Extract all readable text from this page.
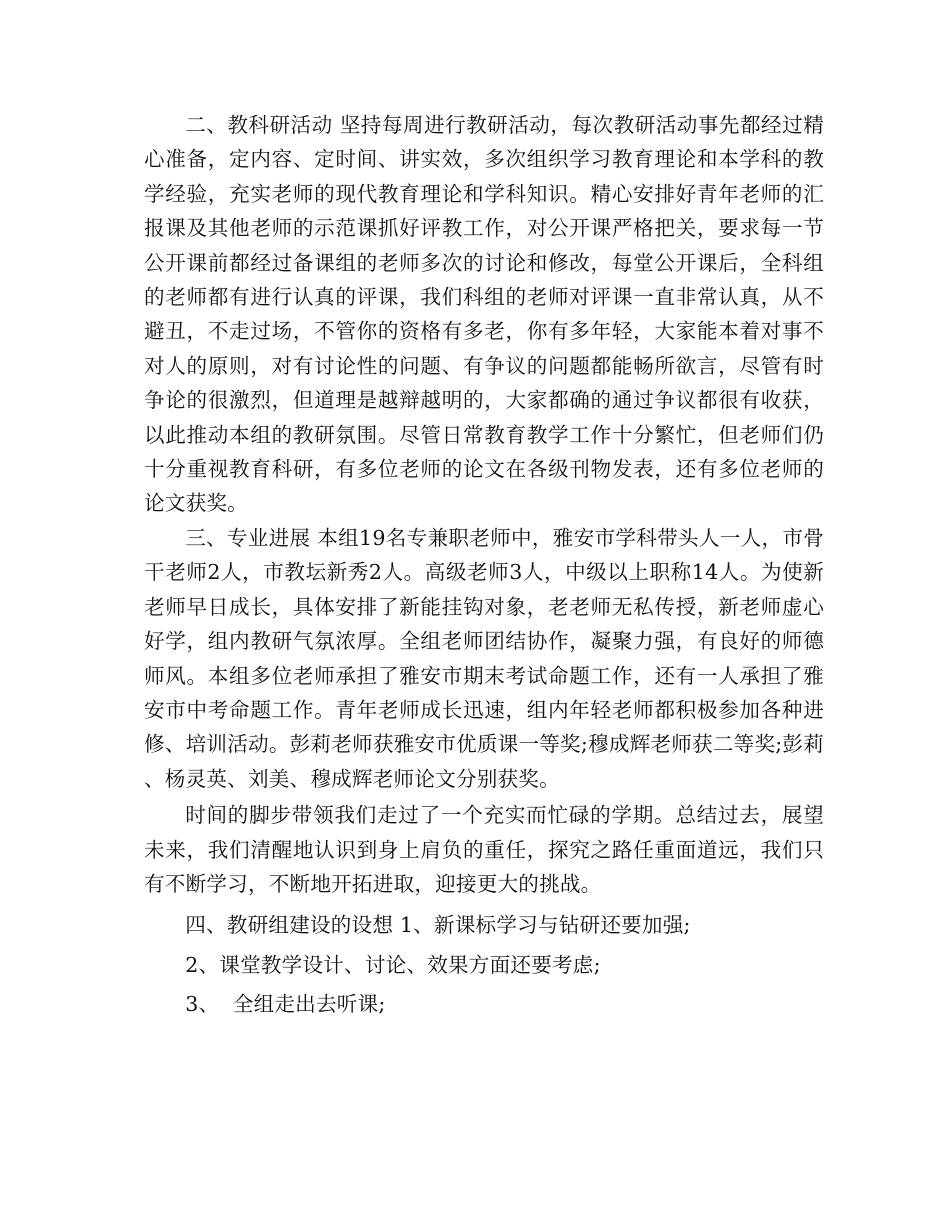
二、教科研活动 坚持每周进行教研活动，每次教研活动事先都经过精心准备，定内容、定时间、讲实效，多次组织学习教育理论和本学科的教学经验，充实老师的现代教育理论和学科知识。精心安排好青年老师的汇报课及其他老师的示范课抓好评教工作，对公开课严格把关，要求每一节公开课前都经过备课组的老师多次的讨论和修改，每堂公开课后，全科组的老师都有进行认真的评课，我们科组的老师对评课一直非常认真，从不避丑，不走过场，不管你的资格有多老，你有多年轻，大家能本着对事不对人的原则，对有讨论性的问题、有争议的问题都能畅所欲言，尽管有时争论的很激烈，但道理是越辩越明的，大家都确的通过争议都很有收获，以此推动本组的教研氛围。尽管日常教育教学工作十分繁忙，但老师们仍十分重视教育科研，有多位老师的论文在各级刊物发表，还有多位老师的论文获奖。

三、专业进展 本组19名专兼职老师中，雅安市学科带头人一人，市骨干老师2人，市教坛新秀2人。高级老师3人，中级以上职称14人。为使新老师早日成长，具体安排了新能挂钩对象，老老师无私传授，新老师虚心好学，组内教研气氛浓厚。全组老师团结协作，凝聚力强，有良好的师德师风。本组多位老师承担了雅安市期末考试命题工作，还有一人承担了雅安市中考命题工作。青年老师成长迅速，组内年轻老师都积极参加各种进修、培训活动。彭莉老师获雅安市优质课一等奖;穆成辉老师获二等奖;彭莉、杨灵英、刘美、穆成辉老师论文分别获奖。

时间的脚步带领我们走过了一个充实而忙碌的学期。总结过去，展望未来，我们清醒地认识到身上肩负的重任，探究之路任重面道远，我们只有不断学习，不断地开拓进取，迎接更大的挑战。

四、教研组建设的设想 1、新课标学习与钻研还要加强;

2、课堂教学设计、讨论、效果方面还要考虑;

3、  全组走出去听课;
